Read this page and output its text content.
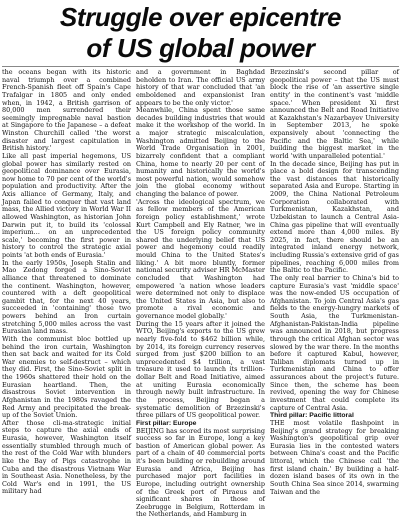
Struggle over epicentre
of US global power

the oceans began with its historic naval triumph over a combined French-Spanish fleet off Spain's Cape Trafalgar in 1805 and only ended when, in 1942, a British garrison of 80,000 men surrendered their seemingly impregnable naval bastion at Singapore to the Japanese – a defeat Winston Churchill called 'the worst disaster and largest capitulation in British history.'

Like all past imperial hegemons, US global power has similarly rested on geopolitical dominance over Eurasia, now home to 70 per cent of the world's population and productivity. After the Axis alliance of Germany, Italy, and Japan failed to conquer that vast land mass, the Allied victory in World War II allowed Washington, as historian John Darwin put it, to build its 'colossal imperium… on an unprecedented scale,' becoming the first power in history to control the strategic axial points 'at both ends of Eurasia.'

In the early 1950s, Joseph Stalin and Mao Zedong forged a Sino-Soviet alliance that threatened to dominate the continent. Washington, however, countered with a deft geopolitical gambit that, for the next 40 years, succeeded in 'containing' those two powers behind an Iron curtain stretching 5,000 miles across the vast Eurasian land mass.

With the communist bloc bottled up behind the iron curtain, Washington then sat back and waited for its Cold War enemies to self-destruct – which they did. First, the Sino-Soviet split in the 1960s shattered their hold on the Eurasian heartland. Then, the disastrous Soviet intervention in Afghanistan in the 1980s ravaged the Red Army and precipitated the break-up of the Soviet Union.

After those cli-ma-strategic initial steps to capture the axial ends of Eurasia, however, Washington itself essentially stumbled through much of the rest of the Cold War with blunders like the Bay of Pigs catastrophe in Cuba and the disastrous Vietnam War in Southeast Asia. Nonetheless, by the Cold War's end in 1991, the US military had

and a government in Baghdad beholden to Iran. The official US army history of that war concluded that 'an emboldened and expansionist Iran appears to be the only victor.'

Meanwhile, China spent those same decades building industries that would make it the workshop of the world. In a major strategic miscalculation, Washington admitted Beijing to the World Trade Organisation in 2001, bizarrely confident that a compliant China, home to nearly 20 per cent of humanity and historically the world's most powerful nation, would somehow join the global economy without changing the balance of power.

'Across the ideological spectrum, we as fellow members of the American foreign policy establishment,' wrote Kurt Campbell and Ely Ratner, 'we in the US foreign policy community shared the underlying belief that US power and hegemony could readily mould China to the United States's liking.' A bit more bluntly, former national security adviser HR McMaster concluded that Washington had empowered 'a nation whose leaders were determined not only to displace the United States in Asia, but also to promote a rival economic and governance model globally.'

During the 15 years after it joined the WTO, Beijing's exports to the US grew nearly five-fold to $462 billion while, by 2014, its foreign currency reserves surged from just $200 billion to an unprecedented $4 trillion, a vast treasure it used to launch its trillion-dollar Belt and Road Initiative, aimed at uniting Eurasia economically through newly built infrastructure. In the process, Beijing began a systematic demolition of Brzezinski's three pillars of US geopolitical power.

First pillar: Europe

BEIJING has scored its most surprising success so far in Europe, long a key bastion of American global power. As part of a chain of 40 commercial ports it's been building or rebuilding around Eurasia and Africa, Beijing has purchased major port facilities in Europe, including outright ownership of the Greek port of Piraeus and significant shares in those of Zeebrugge in Belgium, Rotterdam in the Netherlands, and Hamburg in

Brzezinski's second pillar of geopolitical power – that the US must block the rise of 'an assertive single entity' in the continent's vast 'middle space.' When president Xi first announced the Belt and Road Initiative at Kazakhstan's Nazarbayev University in September 2013, he spoke expansively about 'connecting the Pacific and the Baltic Sea,' while building the biggest market in the world 'with unparalleled potential.'

In the decade since, Beijing has put in place a bold design for transcending the vast distances that historically separated Asia and Europe. Starting in 2009, the China National Petroleum Corporation collaborated with Turkmenistan, Kazakhstan, and Uzbekistan to launch a Central Asia-China gas pipeline that will eventually extend more than 4,000 miles. By 2025, in fact, there should be an integrated inland energy network, including Russia's extensive grid of gas pipelines, reaching 6,000 miles from the Baltic to the Pacific.

The only real barrier to China's bid to capture Eurasia's vast 'middle space' was the now-ended US occupation of Afghanistan. To join Central Asia's gas fields to the energy-hungry markets of South Asia, the Turkmenistan-Afghanistan-Pakistan-India pipeline was announced in 2018, but progress through the critical Afghan sector was slowed by the war there. In the months before it captured Kabul, however, Taliban diplomats turned up in Turkmenistan and China to offer assurances about the project's future. Since then, the scheme has been revived, opening the way for Chinese investment that could complete its capture of Central Asia.

Third pillar: Pacific littoral

THE most volatile flashpoint in Beijing's grand strategy for breaking Washington's geopolitical grip over Eurasia lies in the contested waters between China's coast and the Pacific littoral, which the Chinese call 'the first island chain.' By building a half-dozen island bases of its own in the South China Sea since 2014, swarming Taiwan and the
